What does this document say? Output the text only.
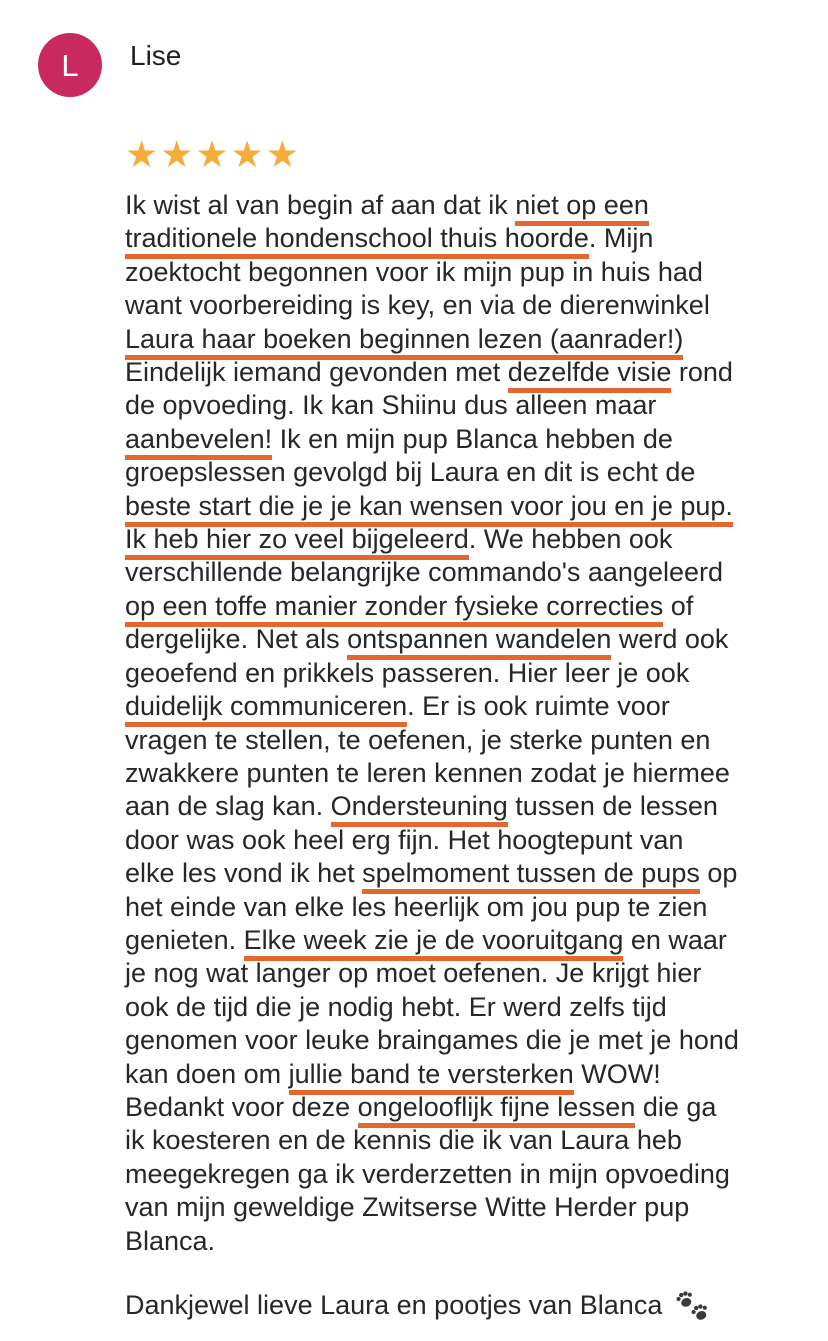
L Lise
★★★★★
Ik wist al van begin af aan dat ik niet op een
traditionele hondenschool thuis hoorde. Mijn
zoektocht begonnen voor ik mijn pup in huis had
want voorbereiding is key, en via de dierenwinkel
Laura haar boeken beginnen lezen (aanrader!)
Eindelijk iemand gevonden met dezelfde visie rond
de opvoeding. Ik kan Shiinu dus alleen maar
aanbevelen! Ik en mijn pup Blanca hebben de
groepslessen gevolgd bij Laura en dit is echt de
beste start die je je kan wensen voor jou en je pup.
Ik heb hier zo veel bijgeleerd. We hebben ook
verschillende belangrijke commando's aangeleerd
op een toffe manier zonder fysieke correcties of
dergelijke. Net als ontspannen wandelen werd ook
geoefend en prikkels passeren. Hier leer je ook
duidelijk communiceren. Er is ook ruimte voor
vragen te stellen, te oefenen, je sterke punten en
zwakkere punten te leren kennen zodat je hiermee
aan de slag kan. Ondersteuning tussen de lessen
door was ook heel erg fijn. Het hoogtepunt van
elke les vond ik het spelmoment tussen de pups op
het einde van elke les heerlijk om jou pup te zien
genieten. Elke week zie je de vooruitgang en waar
je nog wat langer op moet oefenen. Je krijgt hier
ook de tijd die je nodig hebt. Er werd zelfs tijd
genomen voor leuke braingames die je met je hond
kan doen om jullie band te versterken WOW!
Bedankt voor deze ongelooflijk fijne lessen die ga
ik koesteren en de kennis die ik van Laura heb
meegekregen ga ik verderzetten in mijn opvoeding
van mijn geweldige Zwitserse Witte Herder pup
Blanca.

Dankjewel lieve Laura en pootjes van Blanca
